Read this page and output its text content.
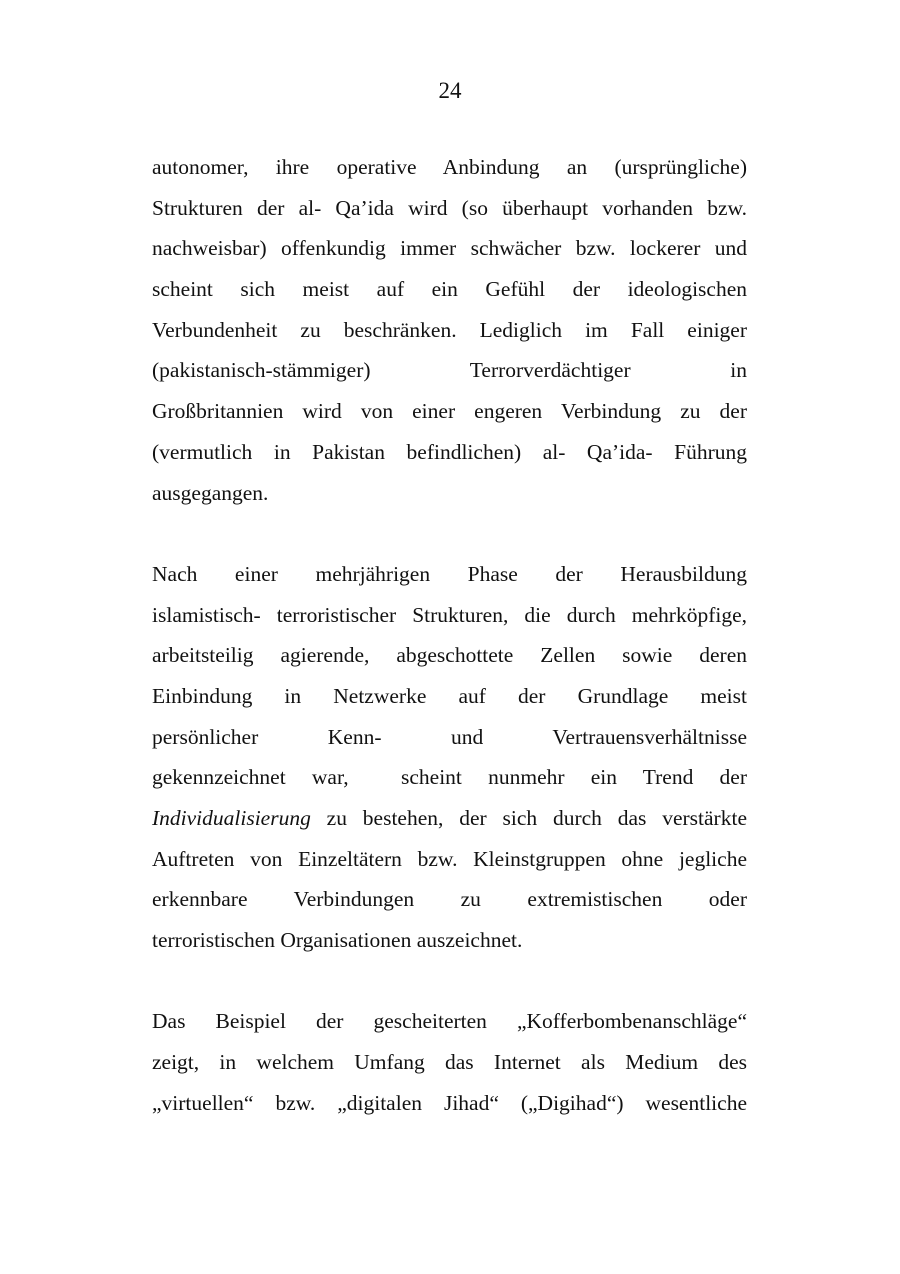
24

autonomer, ihre operative Anbindung an (ursprüngliche)
Strukturen der al- Qa’ida wird (so überhaupt vorhanden bzw.
nachweisbar) offenkundig immer schwächer bzw. lockerer und
scheint sich meist auf ein Gefühl der ideologischen
Verbundenheit zu beschränken. Lediglich im Fall einiger
(pakistanisch-stämmiger) Terrorverdächtiger in
Großbritannien wird von einer engeren Verbindung zu der
(vermutlich in Pakistan befindlichen) al- Qa’ida- Führung
ausgegangen.

Nach einer mehrjährigen Phase der Herausbildung
islamistisch- terroristischer Strukturen, die durch mehrköpfige,
arbeitsteilig agierende, abgeschottete Zellen sowie deren
Einbindung in Netzwerke auf der Grundlage meist
persönlicher Kenn- und Vertrauensverhältnisse
gekennzeichnet war,  scheint nunmehr ein Trend der
Individualisierung zu bestehen, der sich durch das verstärkte
Auftreten von Einzeltätern bzw. Kleinstgruppen ohne jegliche
erkennbare Verbindungen zu extremistischen oder
terroristischen Organisationen auszeichnet.

Das Beispiel der gescheiterten „Kofferbombenanschläge“
zeigt, in welchem Umfang das Internet als Medium des
„virtuellen“ bzw. „digitalen Jihad“ („Digihad“) wesentliche
